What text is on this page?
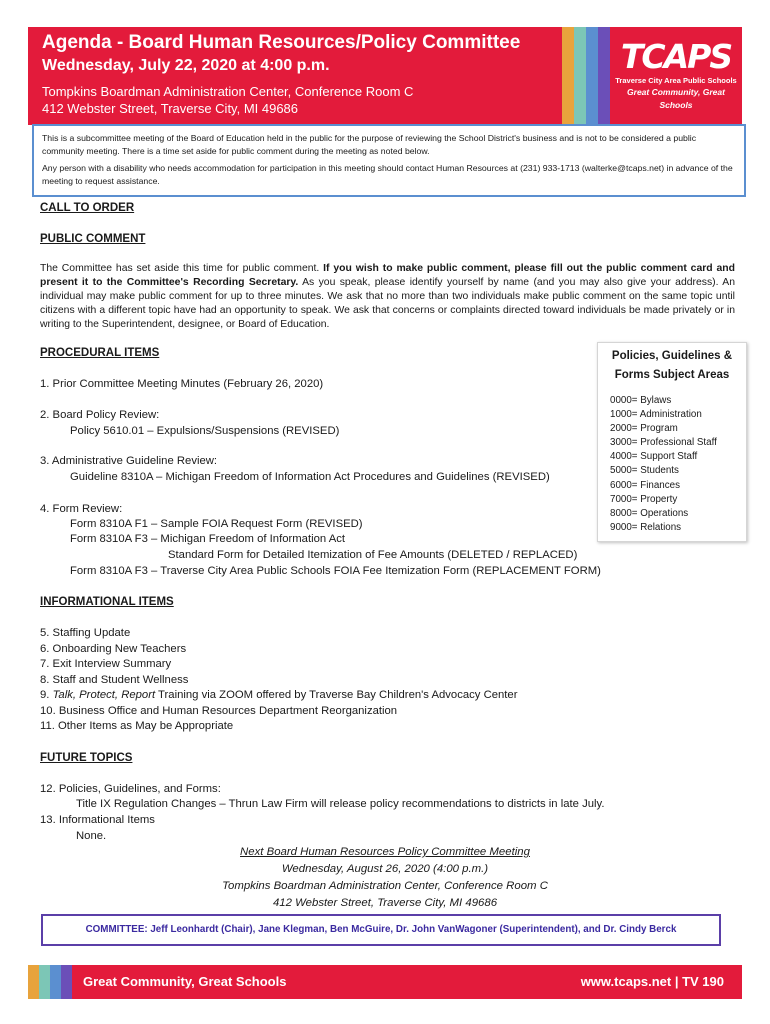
Agenda - Board Human Resources/Policy Committee
Wednesday, July 22, 2020 at 4:00 p.m.
Tompkins Boardman Administration Center, Conference Room C
412 Webster Street, Traverse City, MI 49686
TCAPS
Traverse City Area Public Schools
Great Community, Great Schools

This is a subcommittee meeting of the Board of Education held in the public for the purpose of reviewing the School District's business and is not to be considered a public community meeting. There is a time set aside for public comment during the meeting as noted below.

Any person with a disability who needs accommodation for participation in this meeting should contact Human Resources at (231) 933-1713 (walterke@tcaps.net) in advance of the meeting to request assistance.

CALL TO ORDER
PUBLIC COMMENT
The Committee has set aside this time for public comment. If you wish to make public comment, please fill out the public comment card and present it to the Committee's Recording Secretary. As you speak, please identify yourself by name (and you may also give your address). An individual may make public comment for up to three minutes. We ask that no more than two individuals make public comment on the same topic until citizens with a different topic have had an opportunity to speak. We ask that concerns or complaints directed toward individuals be made privately or in writing to the Superintendent, designee, or Board of Education.
PROCEDURAL ITEMS
1. Prior Committee Meeting Minutes (February 26, 2020)
2. Board Policy Review:
Policy 5610.01 – Expulsions/Suspensions (REVISED)
3. Administrative Guideline Review:
Guideline 8310A – Michigan Freedom of Information Act Procedures and Guidelines (REVISED)
4. Form Review:
Form 8310A F1 – Sample FOIA Request Form (REVISED)
Form 8310A F3 – Michigan Freedom of Information Act
Standard Form for Detailed Itemization of Fee Amounts (DELETED / REPLACED)
Form 8310A F3 – Traverse City Area Public Schools FOIA Fee Itemization Form (REPLACEMENT FORM)
INFORMATIONAL ITEMS
5. Staffing Update
6. Onboarding New Teachers
7. Exit Interview Summary
8. Staff and Student Wellness
9. Talk, Protect, Report Training via ZOOM offered by Traverse Bay Children's Advocacy Center
10. Business Office and Human Resources Department Reorganization
11. Other Items as May be Appropriate
FUTURE TOPICS
12. Policies, Guidelines, and Forms:
Title IX Regulation Changes – Thrun Law Firm will release policy recommendations to districts in late July.
13. Informational Items
None.
Policies, Guidelines &
Forms Subject Areas
0000= Bylaws
1000= Administration
2000= Program
3000= Professional Staff
4000= Support Staff
5000= Students
6000= Finances
7000= Property
8000= Operations
9000= Relations
Next Board Human Resources Policy Committee Meeting
Wednesday, August 26, 2020 (4:00 p.m.)
Tompkins Boardman Administration Center, Conference Room C
412 Webster Street, Traverse City, MI 49686
COMMITTEE: Jeff Leonhardt (Chair), Jane Klegman, Ben McGuire, Dr. John VanWagoner (Superintendent), and Dr. Cindy Berck
Great Community, Great Schools	www.tcaps.net | TV 190
